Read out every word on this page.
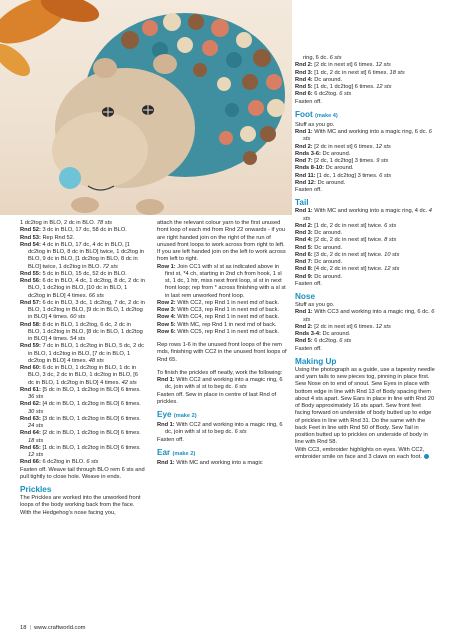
1 dc2tog in BLO, 2 dc in BLO. 78 sts

Rnd 52: 3 dc in BLO, 17 dc, 58 dc in BLO.

Rnd 53: Rep Rnd 52.

Rnd 54: 4 dc in BLO, 17 dc, 4 dc in BLO, [1 dc2tog in BLO, 8 dc in BLO] twice, 1 dc2tog in BLO, 9 dc in BLO, [1 dc2tog in BLO, 8 dc in BLO] twice, 1 dc2tog in BLO. 72 sts

Rnd 55: 5 dc in BLO, 15 dc, 52 dc in BLO.

Rnd 56: 6 dc in BLO, 4 dc, 1 dc2tog, 8 dc, 2 dc in BLO, 1 dc2tog in BLO, [10 dc in BLO, 1 dc2tog in BLO] 4 times. 66 sts

Rnd 57: 6 dc in BLO, 3 dc, 1 dc2tog, 7 dc, 2 dc in BLO, 1 dc2tog in BLO, [9 dc in BLO, 1 dc2tog in BLO] 4 times. 60 sts

Rnd 58: 8 dc in BLO, 1 dc2tog, 6 dc, 2 dc in BLO, 1 dc2tog in BLO, [8 dc in BLO, 1 dc2tog in BLO] 4 times. 54 sts

Rnd 59: 7 dc in BLO, 1 dc2tog in BLO, 5 dc, 2 dc in BLO, 1 dc2tog in BLO, [7 dc in BLO, 1 dc2tog in BLO] 4 times. 48 sts

Rnd 60: 6 dc in BLO, 1 dc2tog in BLO, 1 dc in BLO, 3 dc, 2 dc in BLO, 1 dc2tog in BLO, [6 dc in BLO, 1 dc2tog in BLO] 4 times. 42 sts

Rnd 61: [5 dc in BLO, 1 dc2tog in BLO] 6 times. 36 sts

Rnd 62: [4 dc in BLO, 1 dc2tog in BLO] 6 times. 30 sts

Rnd 63: [3 dc in BLO, 1 dc2tog in BLO] 6 times. 24 sts

Rnd 64: [2 dc in BLO, 1 dc2tog in BLO] 6 times. 18 sts

Rnd 65: [1 dc in BLO, 1 dc2tog in BLO] 6 times. 12 sts

Rnd 66: 6 dc2tog in BLO. 6 sts

Fasten off. Weave tail through BLO rem 6 sts and pull tightly to close hole. Weave in ends.

Prickles

The Prickles are worked into the unworked front loops of the body working back from the face. With the Hedgehog’s nose facing you,

attach the relevant colour yarn to the first unused front loop of each md from Rnd 22 onwards - if you are right handed join on the right of the run of unused front loops to work across from right to left. If you are left handed join on the left to work across from left to right.

Row 1: Join CC1 with sl st as indicated above in first st, *4 ch, starting in 2nd ch from hook, 1 sl st, 1 dc, 1 htr, miss next front loop, sl st in next front loop; rep from * across finishing with a sl st in last rem unworked front loop.

Row 2: With CC2, rep Rnd 1 in next md of back.

Row 3: With CC3, rep Rnd 1 in next md of back.

Row 4: With CC4, rep Rnd 1 in next md of back.

Row 5: With MC, rep Rnd 1 in next md of back.

Row 6: With CC5, rep Rnd 1 in next md of back.

Rep rows 1-6 in the unused front loops of the rem mds, finishing with CC2 in the unused front loops of Rnd 65.

To finish the prickles off neatly, work the following:

Rnd 1: With CC2 and working into a magic ring, 6 dc, join with sl st to beg dc. 6 sts

Fasten off. Sew in place in centre of last Rnd of prickles.

Eye (make 2)

Rnd 1: With CC2 and working into a magic ring, 6 dc, join with sl st to beg dc. 6 sts

Fasten off.

Ear (make 2)

Rnd 1: With MC and working into a magic

ring, 6 dc. 6 sts

Rnd 2: [2 dc in next st] 6 times. 12 sts

Rnd 3: [1 dc, 2 dc in next st] 6 times. 18 sts

Rnd 4: Dc around.

Rnd 5: [1 dc, 1 dc2tog] 6 times. 12 sts

Rnd 6: 6 dc2tog. 6 sts

Fasten off.

Foot (make 4)

Stuff as you go.

Rnd 1: With MC and working into a magic ring, 6 dc. 6 sts

Rnd 2: [2 dc in next st] 6 times. 12 sts

Rnds 3-6: Dc around.

Rnd 7: [2 dc, 1 dc2tog] 3 times. 9 sts

Rnds 8-10: Dc around.

Rnd 11: [1 dc, 1 dc2tog] 3 times. 6 sts

Rnd 12: Dc around.

Fasten off.

Tail

Rnd 1: With MC and working into a magic ring, 4 dc. 4 sts

Rnd 2: [1 dc, 2 dc in next st] twice. 6 sts

Rnd 3: Dc around.

Rnd 4: [2 dc, 2 dc in next st] twice. 8 sts

Rnd 5: Dc around.

Rnd 6: [3 dc, 2 dc in next st] twice. 10 sts

Rnd 7: Dc around.

Rnd 8: [4 dc, 2 dc in next st] twice. 12 sts

Rnd 9: Dc around.

Fasten off.

Nose

Stuff as you go.

Rnd 1: With CC3 and working into a magic ring, 6 dc. 6 sts

Rnd 2: [2 dc in next st] 6 times. 12 sts

Rnds 3-4: Dc around.

Rnd 5: 6 dc2tog. 6 sts

Fasten off.

Making Up

Using the photograph as a guide, use a tapestry needle and yarn tails to sew pieces tog, pinning in place first. Sew Nose on to end of snout. Sew Eyes in place with bottom edge in line with Rnd 13 of Body spacing them about 4 sts apart. Sew Ears in place in line with Rnd 20 of Body approximately 16 sts apart. Sew front feet facing forward on underside of body butted up to edge of prickles in line with Rnd 31. Do the same with the back Feet in line with Rnd 50 of Body. Sew Tail in position butted up to prickles on underside of body in line with Rnd 58.

With CC3, embroider highlights on eyes. With CC2, embroider smile on face and 3 claws on each foot.

18 | www.craftworld.com
